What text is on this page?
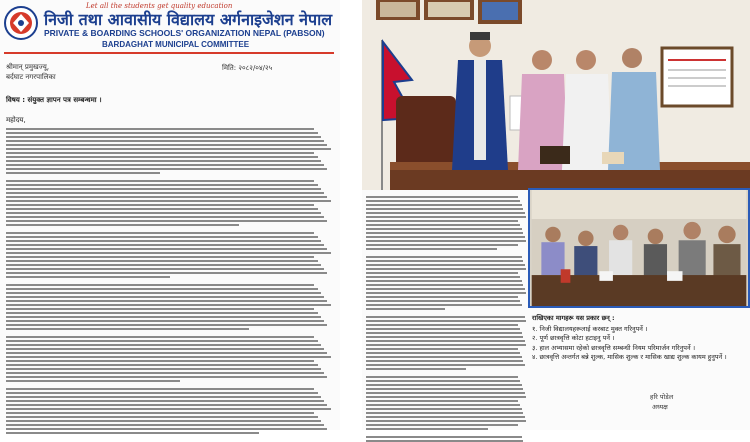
Let all the students get quality education
निजी तथा आवासीय विद्यालय अर्गनाइजेशन नेपाल
PRIVATE & BOARDING SCHOOLS' ORGANIZATION NEPAL (PABSON)
BARDAGHAT MUNICIPAL COMMITTEE
श्रीमान् प्रमुखज्यू,
बर्दघाट नगरपालिका
मिति: २०८२/०४/२५
विषय : संयुक्त ज्ञापन पत्र सम्बन्धमा ।
महोदय,
राखिएका मागहरू यस प्रकार छन् :
१. निजी विद्यालयहरूलाई करबाट मुक्त गरिनुपर्ने ।
२. पूर्ण छात्रवृत्ति कोटा हटाइनु पर्ने ।
३. हाल अभ्यासमा रहेको छात्रवृत्ति सम्बन्धी नियम परिमार्जन गरिनुपर्ने ।
४. छात्रवृत्ति अन्तर्गत बन्ने शुल्क, मासिक शुल्क र मासिक खाद्य शुल्क कायम हुनुपर्ने ।
हरि पोडेल
अध्यक्ष
